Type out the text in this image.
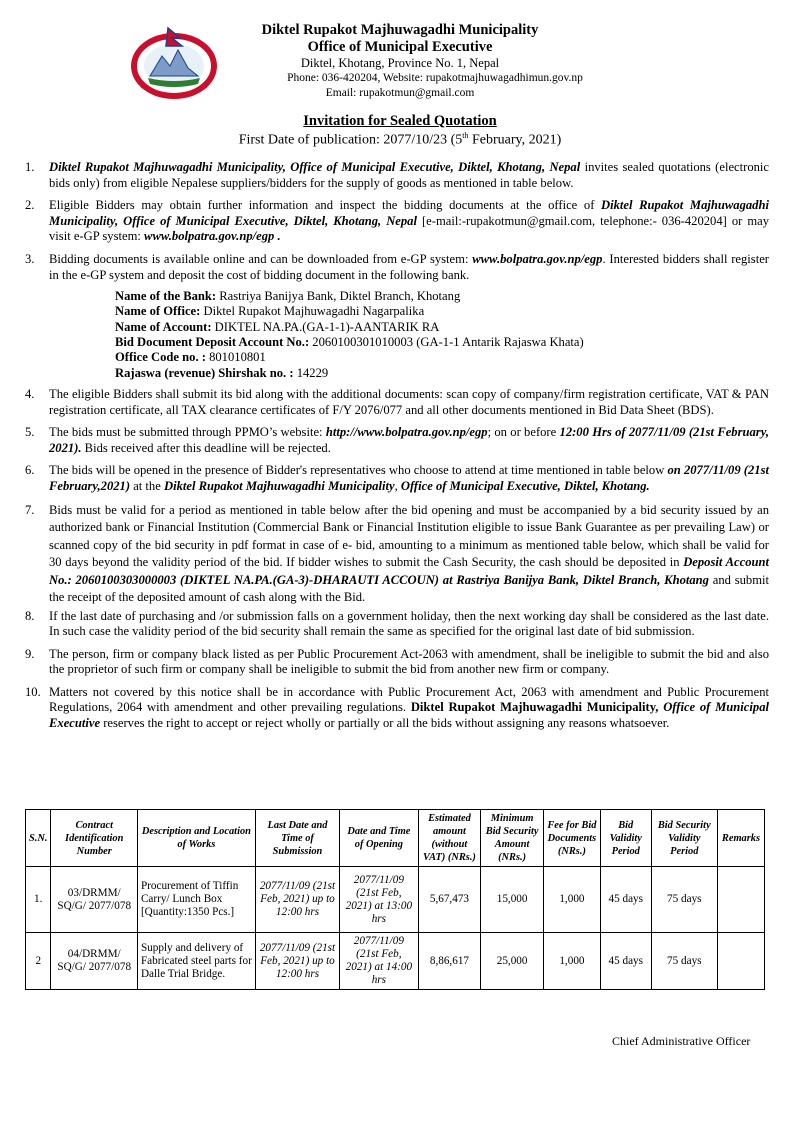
Diktel Rupakot Majhuwagadhi Municipality
Office of Municipal Executive
Diktel, Khotang, Province No. 1, Nepal
Phone: 036-420204, Website: rupakotmajhuwagadhimun.gov.np
Email: rupakotmun@gmail.com
Invitation for Sealed Quotation
First Date of publication: 2077/10/23 (5th February, 2021)
1.	Diktel Rupakot Majhuwagadhi Municipality, Office of Municipal Executive, Diktel, Khotang, Nepal invites sealed quotations (electronic bids only) from eligible Nepalese suppliers/bidders for the supply of goods as mentioned in table below.
2.	Eligible Bidders may obtain further information and inspect the bidding documents at the office of Diktel Rupakot Majhuwagadhi Municipality, Office of Municipal Executive, Diktel, Khotang, Nepal [e-mail:-rupakotmun@gmail.com, telephone:- 036-420204] or may visit e-GP system: www.bolpatra.gov.np/egp .
3.	Bidding documents is available online and can be downloaded from e-GP system: www.bolpatra.gov.np/egp. Interested bidders shall register in the e-GP system and deposit the cost of bidding document in the following bank.
Name of the Bank: Rastriya Banijya Bank, Diktel Branch, Khotang
Name of Office: Diktel Rupakot Majhuwagadhi Nagarpalika
Name of Account: DIKTEL NA.PA.(GA-1-1)-AANTARIK RA
Bid Document Deposit Account No.: 2060100301010003 (GA-1-1 Antarik Rajaswa Khata)
Office Code no. : 801010801
Rajaswa (revenue) Shirshak no. : 14229
4.	The eligible Bidders shall submit its bid along with the additional documents: scan copy of company/firm registration certificate, VAT & PAN registration certificate, all TAX clearance certificates of F/Y 2076/077 and all other documents mentioned in Bid Data Sheet (BDS).
5.	The bids must be submitted through PPMO’s website: http://www.bolpatra.gov.np/egp; on or before 12:00 Hrs of 2077/11/09 (21st February, 2021). Bids received after this deadline will be rejected.
6.	The bids will be opened in the presence of Bidder's representatives who choose to attend at time mentioned in table below on 2077/11/09 (21st February,2021) at the Diktel Rupakot Majhuwagadhi Municipality, Office of Municipal Executive, Diktel, Khotang.
7.	Bids must be valid for a period as mentioned in table below after the bid opening and must be accompanied by a bid security issued by an authorized bank or Financial Institution (Commercial Bank or Financial Institution eligible to issue Bank Guarantee as per prevailing Law) or scanned copy of the bid security in pdf format in case of e- bid, amounting to a minimum as mentioned table below, which shall be valid for 30 days beyond the validity period of the bid. If bidder wishes to submit the Cash Security, the cash should be deposited in Deposit Account No.: 2060100303000003 (DIKTEL NA.PA.(GA-3)-DHARAUTI ACCOUN) at Rastriya Banijya Bank, Diktel Branch, Khotang and submit the receipt of the deposited amount of cash along with the Bid.
8.	If the last date of purchasing and /or submission falls on a government holiday, then the next working day shall be considered as the last date. In such case the validity period of the bid security shall remain the same as specified for the original last date of bid submission.
9.	The person, firm or company black listed as per Public Procurement Act-2063 with amendment, shall be ineligible to submit the bid and also the proprietor of such firm or company shall be ineligible to submit the bid from another new firm or company.
10. Matters not covered by this notice shall be in accordance with Public Procurement Act, 2063 with amendment and Public Procurement Regulations, 2064 with amendment and other prevailing regulations. Diktel Rupakot Majhuwagadhi Municipality, Office of Municipal Executive reserves the right to accept or reject wholly or partially or all the bids without assigning any reasons whatsoever.
S.N.	Contract Identification Number	Description and Location of Works	Last Date and Time of Submission	Date and Time of Opening	Estimated amount (without VAT) (NRs.)	Minimum Bid Security Amount (NRs.)	Fee for Bid Documents (NRs.)	Bid Validity Period	Bid Security Validity Period	Remarks
1.	03/DRMM/ SQ/G/ 2077/078	Procurement of Tiffin Carry/ Lunch Box [Quantity:1350 Pcs.]	2077/11/09 (21st Feb, 2021) up to 12:00 hrs	2077/11/09 (21st Feb, 2021) at 13:00 hrs	5,67,473	15,000	1,000	45 days	75 days	
2	04/DRMM/ SQ/G/ 2077/078	Supply and delivery of Fabricated steel parts for Dalle Trial Bridge.	2077/11/09 (21st Feb, 2021) up to 12:00 hrs	2077/11/09 (21st Feb, 2021) at 14:00 hrs	8,86,617	25,000	1,000	45 days	75 days	
Chief Administrative Officer
